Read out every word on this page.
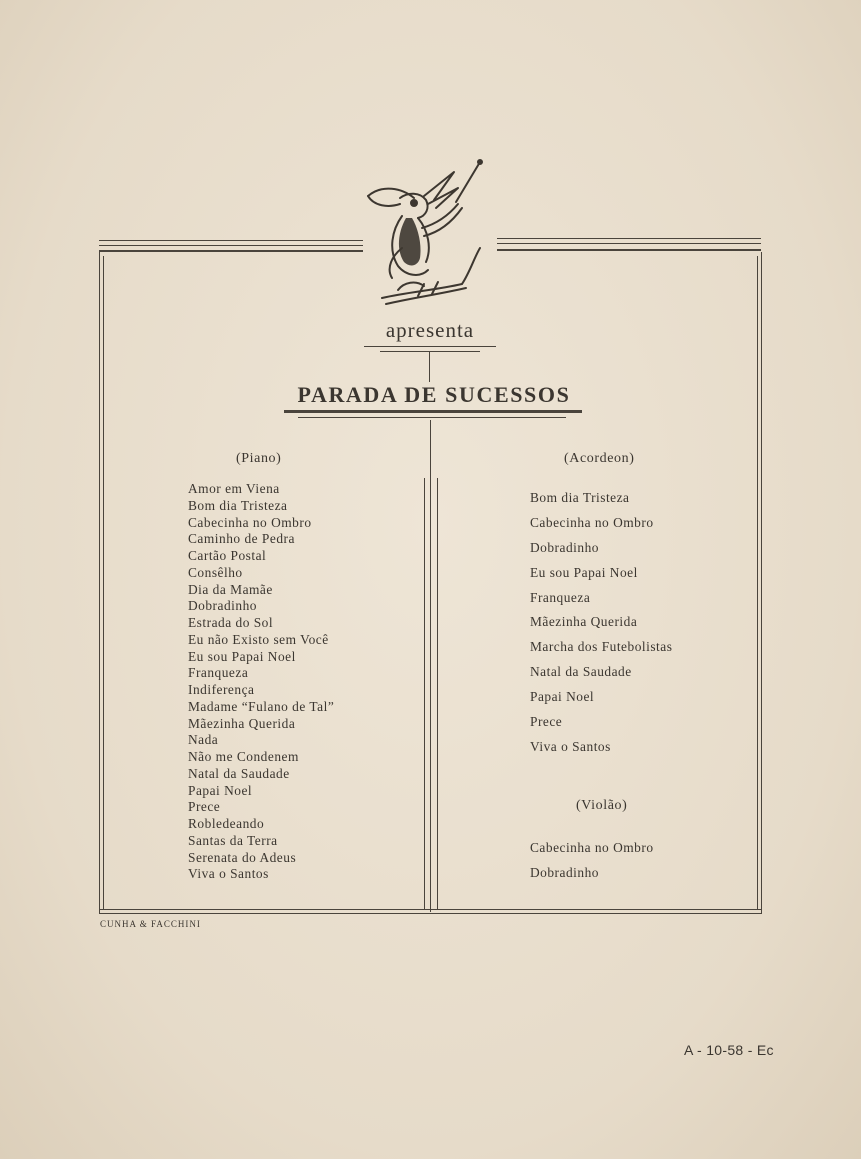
apresenta
PARADA DE SUCESSOS
(Piano)
Amor em Viena
Bom dia Tristeza
Cabecinha no Ombro
Caminho de Pedra
Cartão Postal
Consêlho
Dia da Mamãe
Dobradinho
Estrada do Sol
Eu não Existo sem Você
Eu sou Papai Noel
Franqueza
Indiferença
Madame “Fulano de Tal”
Mãezinha Querida
Nada
Não me Condenem
Natal da Saudade
Papai Noel
Prece
Robledeando
Santas da Terra
Serenata do Adeus
Viva o Santos
(Acordeon)
Bom dia Tristeza
Cabecinha no Ombro
Dobradinho
Eu sou Papai Noel
Franqueza
Mãezinha Querida
Marcha dos Futebolistas
Natal da Saudade
Papai Noel
Prece
Viva o Santos
(Violão)
Cabecinha no Ombro
Dobradinho
CUNHA & FACCHINI
A - 10-58 - Ec
